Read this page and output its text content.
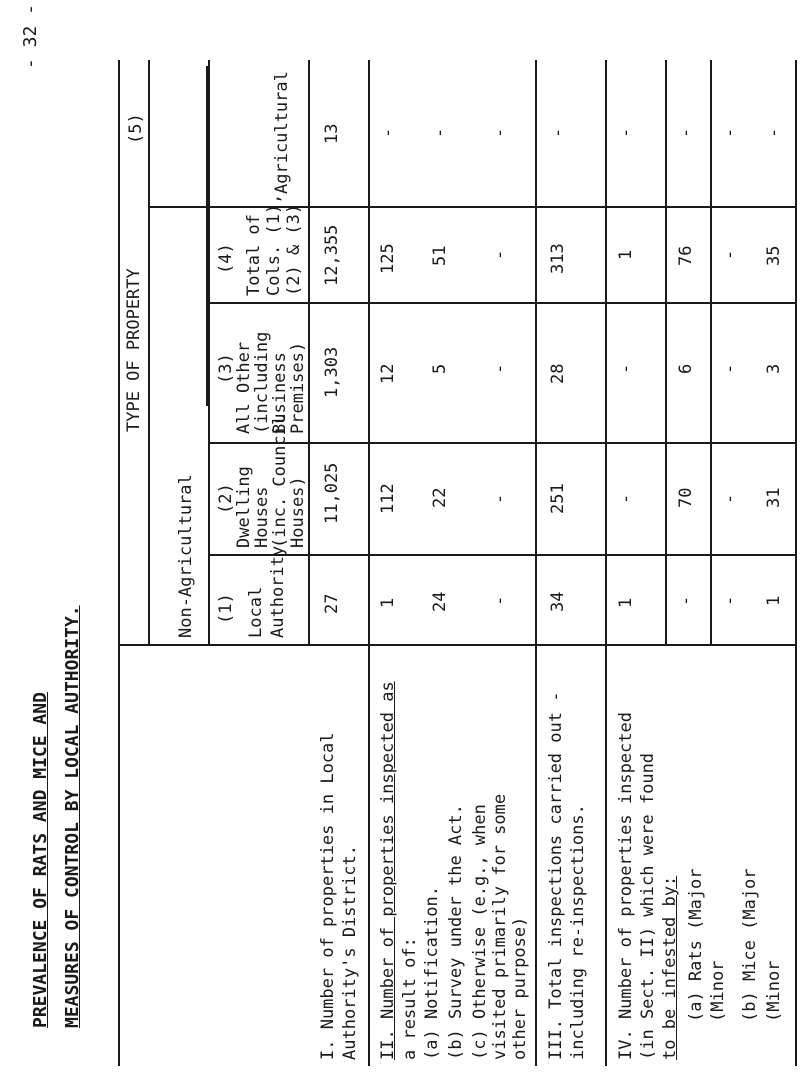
- 32 -
PREVALENCE OF RATS AND MICE AND MEASURES OF CONTROL BY LOCAL AUTHORITY.
TYPE OF PROPERTY
Non-Agricultural (1) Local Authority
(2)
Dwelling
Houses
(inc. Council
Houses)
(3)
All Other
(including
Business
Premises)
(4) Total of Cols. (1), (2) & (3)
(5)	Agricultural
I. Number of properties in Local Authority's District.
27
11,025
1,303
12,355
13
II. Number of properties inspected as a result of: (a) Notification.
1
112
12
125
-
(b) Survey under the Act.
24
22
5
51
-
(c) Otherwise (e.g., when visited primarily for some other purpose)
-
-
-
-
-
III. Total inspections carried out - including re-inspections.
34
251
28
313
-
IV. Number of properties inspected (in Sect. II) which were found to be infested by: (a) Rats (Major
1
-
-
1
-
(Minor
-
70
6
76
-
(b) Mice (Major
-
-
-
-
-
(Minor
1
31
3
35
-
